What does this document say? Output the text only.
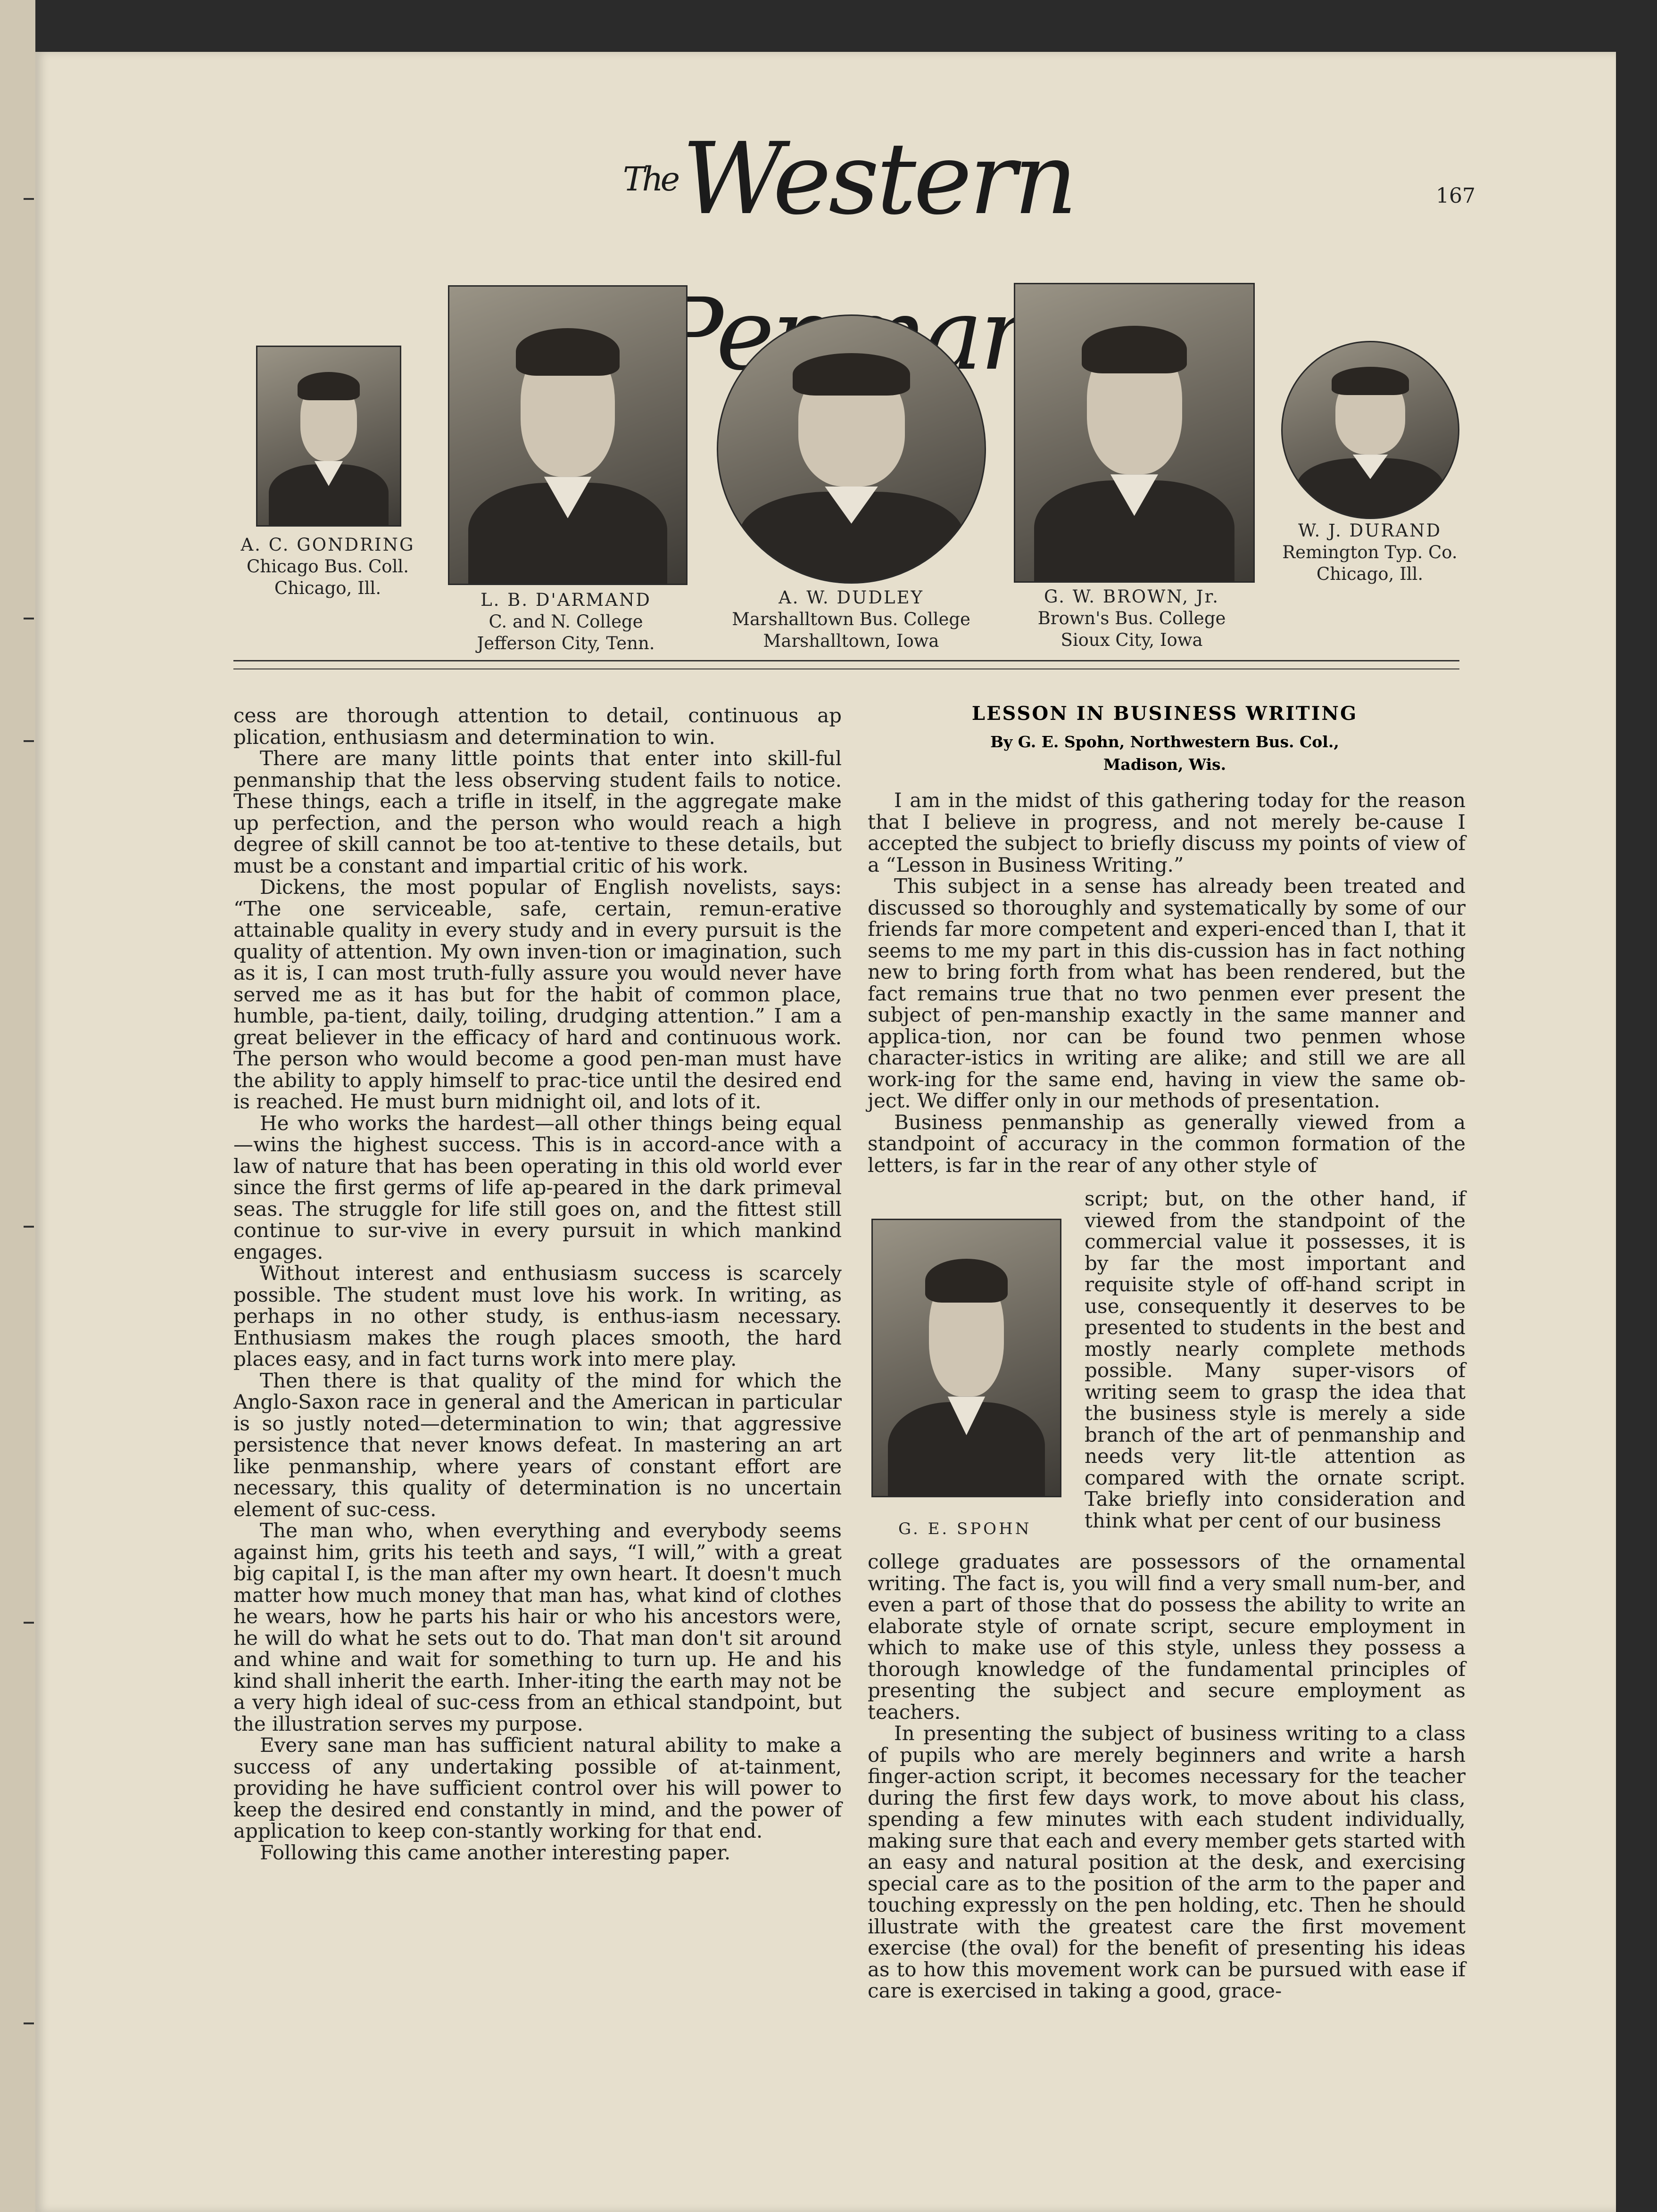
$^{The}$Western	167
A. C. GONDRING
Chicago Bus. Coll.
Chicago, Ill.
L. B. D'ARMAND
C. and N. College
Jefferson City, Tenn.
A. W. DUDLEY
Marshalltown Bus. College
Marshalltown, Iowa
G. W. BROWN, Jr.
Brown's Bus. College
Sioux City, Iowa
W. J. DURAND
Remington Typ. Co.
Chicago, Ill.

cess are thorough attention to detail, continuous ap plication, enthusiasm and determination to win.

There are many little points that enter into skill-ful penmanship that the less observing student fails to notice. These things, each a trifle in itself, in the aggregate make up perfection, and the person who would reach a high degree of skill cannot be too at-tentive to these details, but must be a constant and impartial critic of his work.

Dickens, the most popular of English novelists, says: “The one serviceable, safe, certain, remun-erative attainable quality in every study and in every pursuit is the quality of attention. My own inven-tion or imagination, such as it is, I can most truth-fully assure you would never have served me as it has but for the habit of common place, humble, pa-tient, daily, toiling, drudging attention.” I am a great believer in the efficacy of hard and continuous work. The person who would become a good pen-man must have the ability to apply himself to prac-tice until the desired end is reached. He must burn midnight oil, and lots of it.

He who works the hardest—all other things being equal—wins the highest success. This is in accord-ance with a law of nature that has been operating in this old world ever since the first germs of life ap-peared in the dark primeval seas. The struggle for life still goes on, and the fittest still continue to sur-vive in every pursuit in which mankind engages.

Without interest and enthusiasm success is scarcely possible. The student must love his work. In writing, as perhaps in no other study, is enthus-iasm necessary. Enthusiasm makes the rough places smooth, the hard places easy, and in fact turns work into mere play.

Then there is that quality of the mind for which the Anglo-Saxon race in general and the American in particular is so justly noted—determination to win; that aggressive persistence that never knows defeat. In mastering an art like penmanship, where years of constant effort are necessary, this quality of determination is no uncertain element of suc-cess.

The man who, when everything and everybody seems against him, grits his teeth and says, “I will,” with a great big capital I, is the man after my own heart. It doesn't much matter how much money that man has, what kind of clothes he wears, how he parts his hair or who his ancestors were, he will do what he sets out to do. That man don't sit around and whine and wait for something to turn up. He and his kind shall inherit the earth. Inher-iting the earth may not be a very high ideal of suc-cess from an ethical standpoint, but the illustration serves my purpose.

Every sane man has sufficient natural ability to make a success of any undertaking possible of at-tainment, providing he have sufficient control over his will power to keep the desired end constantly in mind, and the power of application to keep con-stantly working for that end.

Following this came another interesting paper.

LESSON IN BUSINESS WRITING
By G. E. Spohn, Northwestern Bus. Col.,
Madison, Wis.

I am in the midst of this gathering today for the reason that I believe in progress, and not merely be-cause I accepted the subject to briefly discuss my points of view of a “Lesson in Business Writing.”

This subject in a sense has already been treated and discussed so thoroughly and systematically by some of our friends far more competent and experi-enced than I, that it seems to me my part in this dis-cussion has in fact nothing new to bring forth from what has been rendered, but the fact remains true that no two penmen ever present the subject of pen-manship exactly in the same manner and applica-tion, nor can be found two penmen whose character-istics in writing are alike; and still we are all work-ing for the same end, having in view the same ob-ject. We differ only in our methods of presentation.

Business penmanship as generally viewed from a standpoint of accuracy in the common formation of the letters, is far in the rear of any other style of

G. E. SPOHN

script; but, on the other hand, if viewed from the standpoint of the commercial value it possesses, it is by far the most important and requisite style of off-hand script in use, consequently it deserves to be presented to students in the best and mostly nearly complete methods possible. Many super-visors of writing seem to grasp the idea that the business style is merely a side branch of the art of penmanship and needs very lit-tle attention as compared with the ornate script. Take briefly into consideration and think what per cent of our business

college graduates are possessors of the ornamental writing. The fact is, you will find a very small num-ber, and even a part of those that do possess the ability to write an elaborate style of ornate script, secure employment in which to make use of this style, unless they possess a thorough knowledge of the fundamental principles of presenting the subject and secure employment as teachers.

In presenting the subject of business writing to a class of pupils who are merely beginners and write a harsh finger-action script, it becomes necessary for the teacher during the first few days work, to move about his class, spending a few minutes with each student individually, making sure that each and every member gets started with an easy and natural position at the desk, and exercising special care as to the position of the arm to the paper and touching expressly on the pen holding, etc. Then he should illustrate with the greatest care the first movement exercise (the oval) for the benefit of presenting his ideas as to how this movement work can be pursued with ease if care is exercised in taking a good, grace-
